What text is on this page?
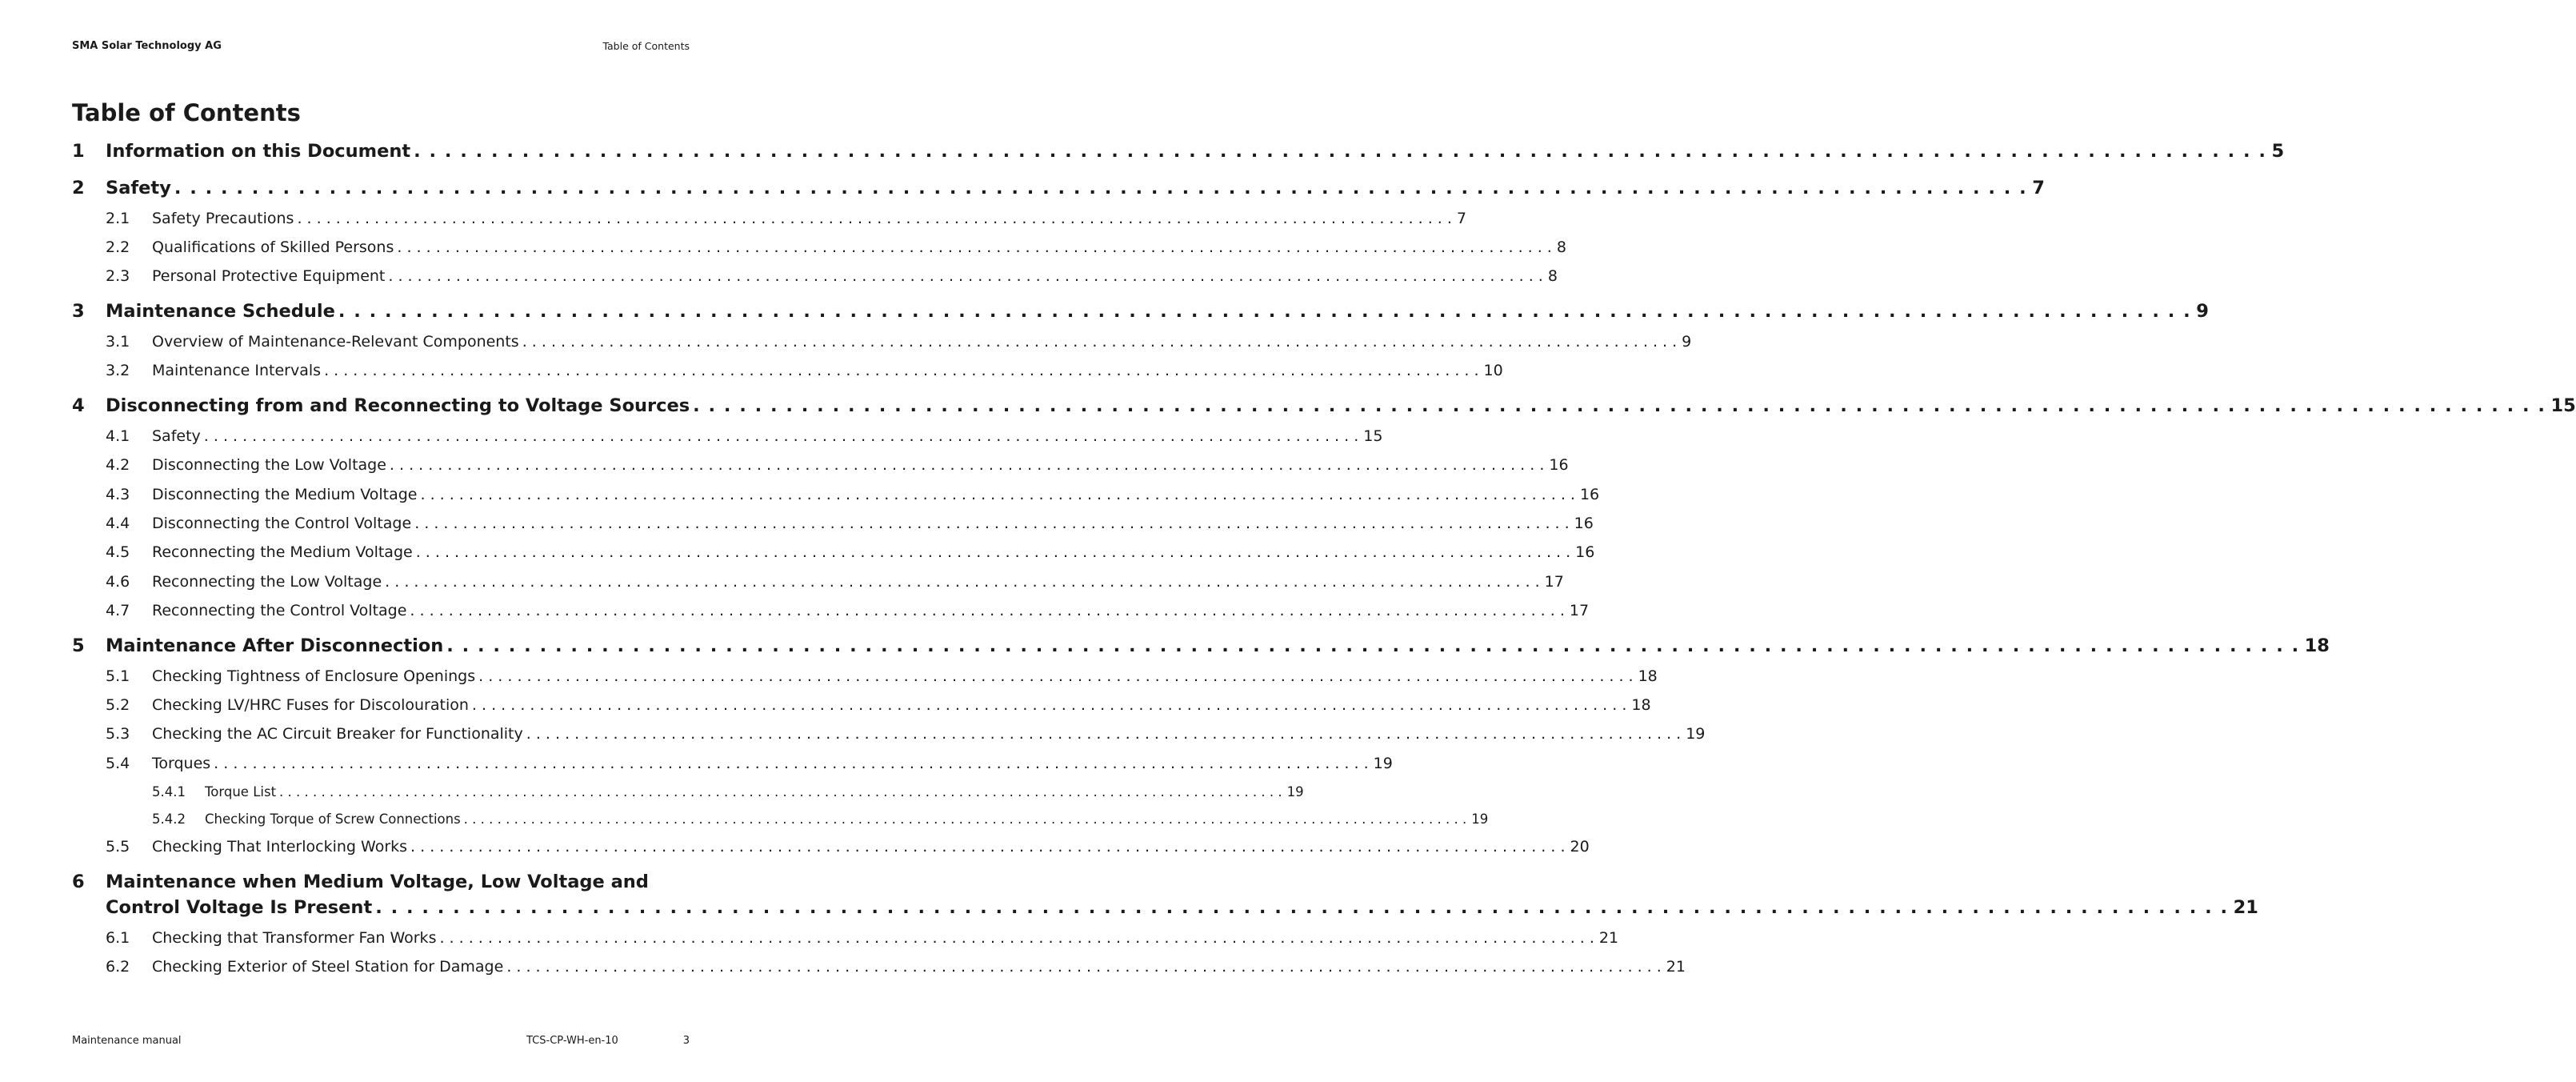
SMA Solar Technology AG	Table of Contents
Table of Contents
1	Information on this Document . . . . . . . . . . . . . . . . . . . . . . . . . . . . . . . . . . . . . . . . . . . . . . . . . . . . . . . . . . . . . . . . . . . . . . . . . . . . . . . . . . . . . . . . . . . . . . . . . . . . . . . . . . . . . . . . . . . . . . . . 5
2	Safety . . . . . . . . . . . . . . . . . . . . . . . . . . . . . . . . . . . . . . . . . . . . . . . . . . . . . . . . . . . . . . . . . . . . . . . . . . . . . . . . . . . . . . . . . . . . . . . . . . . . . . . . . . . . . . . . . . . . . . . . 7
2.1	Safety Precautions . . . . . . . . . . . . . . . . . . . . . . . . . . . . . . . . . . . . . . . . . . . . . . . . . . . . . . . . . . . . . . . . . . . . . . . . . . . . . . . . . . . . . . . . . . . . . . . . . . . . . . . . . . . . . . . . . . . . . . . . 7
2.2	Qualifications of Skilled Persons . . . . . . . . . . . . . . . . . . . . . . . . . . . . . . . . . . . . . . . . . . . . . . . . . . . . . . . . . . . . . . . . . . . . . . . . . . . . . . . . . . . . . . . . . . . . . . . . . . . . . . . . . . . . . . . . . . . . . . . . 8
2.3	Personal Protective Equipment . . . . . . . . . . . . . . . . . . . . . . . . . . . . . . . . . . . . . . . . . . . . . . . . . . . . . . . . . . . . . . . . . . . . . . . . . . . . . . . . . . . . . . . . . . . . . . . . . . . . . . . . . . . . . . . . . . . . . . . . 8
3	Maintenance Schedule . . . . . . . . . . . . . . . . . . . . . . . . . . . . . . . . . . . . . . . . . . . . . . . . . . . . . . . . . . . . . . . . . . . . . . . . . . . . . . . . . . . . . . . . . . . . . . . . . . . . . . . . . . . . . . . . . . . . . . . . 9
3.1	Overview of Maintenance-Relevant Components . . . . . . . . . . . . . . . . . . . . . . . . . . . . . . . . . . . . . . . . . . . . . . . . . . . . . . . . . . . . . . . . . . . . . . . . . . . . . . . . . . . . . . . . . . . . . . . . . . . . . . . . . . . . . . . . . . . . . . . . 9
3.2	Maintenance Intervals . . . . . . . . . . . . . . . . . . . . . . . . . . . . . . . . . . . . . . . . . . . . . . . . . . . . . . . . . . . . . . . . . . . . . . . . . . . . . . . . . . . . . . . . . . . . . . . . . . . . . . . . . . . . . . . . . . . . . . . . 10
4	Disconnecting from and Reconnecting to Voltage Sources . . . . . . . . . . . . . . . . . . . . . . . . . . . . . . . . . . . . . . . . . . . . . . . . . . . . . . . . . . . . . . . . . . . . . . . . . . . . . . . . . . . . . . . . . . . . . . . . . . . . . . . . . . . . . . . . . . . . . . . . 15
4.1	Safety . . . . . . . . . . . . . . . . . . . . . . . . . . . . . . . . . . . . . . . . . . . . . . . . . . . . . . . . . . . . . . . . . . . . . . . . . . . . . . . . . . . . . . . . . . . . . . . . . . . . . . . . . . . . . . . . . . . . . . . . 15
4.2	Disconnecting the Low Voltage . . . . . . . . . . . . . . . . . . . . . . . . . . . . . . . . . . . . . . . . . . . . . . . . . . . . . . . . . . . . . . . . . . . . . . . . . . . . . . . . . . . . . . . . . . . . . . . . . . . . . . . . . . . . . . . . . . . . . . . . 16
4.3	Disconnecting the Medium Voltage . . . . . . . . . . . . . . . . . . . . . . . . . . . . . . . . . . . . . . . . . . . . . . . . . . . . . . . . . . . . . . . . . . . . . . . . . . . . . . . . . . . . . . . . . . . . . . . . . . . . . . . . . . . . . . . . . . . . . . . . 16
4.4	Disconnecting the Control Voltage . . . . . . . . . . . . . . . . . . . . . . . . . . . . . . . . . . . . . . . . . . . . . . . . . . . . . . . . . . . . . . . . . . . . . . . . . . . . . . . . . . . . . . . . . . . . . . . . . . . . . . . . . . . . . . . . . . . . . . . . 16
4.5	Reconnecting the Medium Voltage . . . . . . . . . . . . . . . . . . . . . . . . . . . . . . . . . . . . . . . . . . . . . . . . . . . . . . . . . . . . . . . . . . . . . . . . . . . . . . . . . . . . . . . . . . . . . . . . . . . . . . . . . . . . . . . . . . . . . . . . 16
4.6	Reconnecting the Low Voltage . . . . . . . . . . . . . . . . . . . . . . . . . . . . . . . . . . . . . . . . . . . . . . . . . . . . . . . . . . . . . . . . . . . . . . . . . . . . . . . . . . . . . . . . . . . . . . . . . . . . . . . . . . . . . . . . . . . . . . . . 17
4.7	Reconnecting the Control Voltage . . . . . . . . . . . . . . . . . . . . . . . . . . . . . . . . . . . . . . . . . . . . . . . . . . . . . . . . . . . . . . . . . . . . . . . . . . . . . . . . . . . . . . . . . . . . . . . . . . . . . . . . . . . . . . . . . . . . . . . . 17
5	Maintenance After Disconnection . . . . . . . . . . . . . . . . . . . . . . . . . . . . . . . . . . . . . . . . . . . . . . . . . . . . . . . . . . . . . . . . . . . . . . . . . . . . . . . . . . . . . . . . . . . . . . . . . . . . . . . . . . . . . . . . . . . . . . . . 18
5.1	Checking Tightness of Enclosure Openings . . . . . . . . . . . . . . . . . . . . . . . . . . . . . . . . . . . . . . . . . . . . . . . . . . . . . . . . . . . . . . . . . . . . . . . . . . . . . . . . . . . . . . . . . . . . . . . . . . . . . . . . . . . . . . . . . . . . . . . . 18
5.2	Checking LV/HRC Fuses for Discolouration . . . . . . . . . . . . . . . . . . . . . . . . . . . . . . . . . . . . . . . . . . . . . . . . . . . . . . . . . . . . . . . . . . . . . . . . . . . . . . . . . . . . . . . . . . . . . . . . . . . . . . . . . . . . . . . . . . . . . . . . 18
5.3	Checking the AC Circuit Breaker for Functionality . . . . . . . . . . . . . . . . . . . . . . . . . . . . . . . . . . . . . . . . . . . . . . . . . . . . . . . . . . . . . . . . . . . . . . . . . . . . . . . . . . . . . . . . . . . . . . . . . . . . . . . . . . . . . . . . . . . . . . . . 19
5.4	Torques . . . . . . . . . . . . . . . . . . . . . . . . . . . . . . . . . . . . . . . . . . . . . . . . . . . . . . . . . . . . . . . . . . . . . . . . . . . . . . . . . . . . . . . . . . . . . . . . . . . . . . . . . . . . . . . . . . . . . . . . 19
5.4.1	Torque List . . . . . . . . . . . . . . . . . . . . . . . . . . . . . . . . . . . . . . . . . . . . . . . . . . . . . . . . . . . . . . . . . . . . . . . . . . . . . . . . . . . . . . . . . . . . . . . . . . . . . . . . . . . . . . . . . . . . . . . . 19
5.4.2	Checking Torque of Screw Connections . . . . . . . . . . . . . . . . . . . . . . . . . . . . . . . . . . . . . . . . . . . . . . . . . . . . . . . . . . . . . . . . . . . . . . . . . . . . . . . . . . . . . . . . . . . . . . . . . . . . . . . . . . . . . . . . . . . . . . . . 19
5.5	Checking That Interlocking Works . . . . . . . . . . . . . . . . . . . . . . . . . . . . . . . . . . . . . . . . . . . . . . . . . . . . . . . . . . . . . . . . . . . . . . . . . . . . . . . . . . . . . . . . . . . . . . . . . . . . . . . . . . . . . . . . . . . . . . . . 20
6 Maintenance when Medium Voltage, Low Voltage and
Control Voltage Is Present . . . . . . . . . . . . . . . . . . . . . . . . . . . . . . . . . . . . . . . . . . . . . . . . . . . . . . . . . . . . . . . . . . . . . . . . . . . . . . . . . . . . . . . . . . . . . . . . . . . . . . . . . . . . . . . . . . . . . . . . 21
6.1	Checking that Transformer Fan Works . . . . . . . . . . . . . . . . . . . . . . . . . . . . . . . . . . . . . . . . . . . . . . . . . . . . . . . . . . . . . . . . . . . . . . . . . . . . . . . . . . . . . . . . . . . . . . . . . . . . . . . . . . . . . . . . . . . . . . . . 21
6.2	Checking Exterior of Steel Station for Damage . . . . . . . . . . . . . . . . . . . . . . . . . . . . . . . . . . . . . . . . . . . . . . . . . . . . . . . . . . . . . . . . . . . . . . . . . . . . . . . . . . . . . . . . . . . . . . . . . . . . . . . . . . . . . . . . . . . . . . . . 21
Maintenance manual	TCS-CP-WH-en-10	3
